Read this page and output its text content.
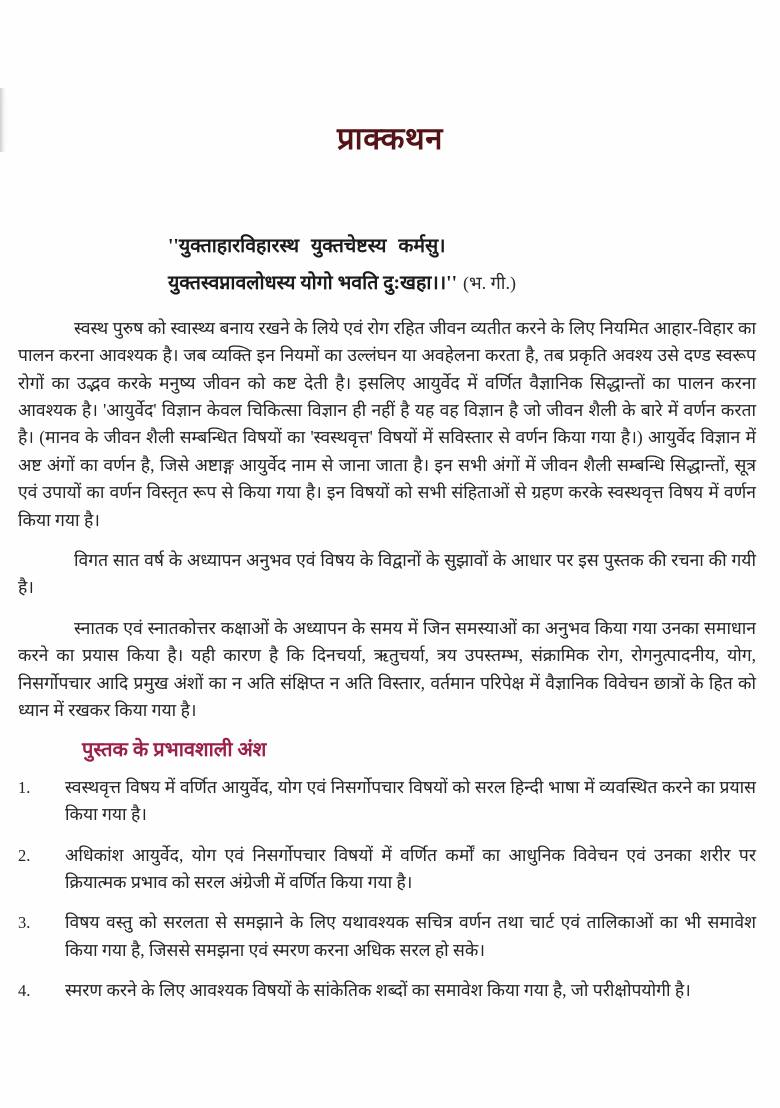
प्राक्कथन
''युक्ताहारविहारस्थ युक्तचेष्टस्य कर्मसु।
युक्तस्वप्नावलोधस्य योगो भवति दु:खहा।।'' (भ. गी.)

स्वस्थ पुरुष को स्वास्थ्य बनाय रखने के लिये एवं रोग रहित जीवन व्यतीत करने के लिए नियमित आहार-विहार का पालन करना आवश्यक है। जब व्यक्ति इन नियमों का उल्लंघन या अवहेलना करता है, तब प्रकृति अवश्य उसे दण्ड स्वरूप रोगों का उद्भव करके मनुष्य जीवन को कष्ट देती है। इसलिए आयुर्वेद में वर्णित वैज्ञानिक सिद्धान्तों का पालन करना आवश्यक है। 'आयुर्वेद' विज्ञान केवल चिकित्सा विज्ञान ही नहीं है यह वह विज्ञान है जो जीवन शैली के बारे में वर्णन करता है। (मानव के जीवन शैली सम्बन्धित विषयों का 'स्वस्थवृत्त' विषयों में सविस्तार से वर्णन किया गया है।) आयुर्वेद विज्ञान में अष्ट अंगों का वर्णन है, जिसे अष्टाङ्ग आयुर्वेद नाम से जाना जाता है। इन सभी अंगों में जीवन शैली सम्बन्धि सिद्धान्तों, सूत्र एवं उपायों का वर्णन विस्तृत रूप से किया गया है। इन विषयों को सभी संहिताओं से ग्रहण करके स्वस्थवृत्त विषय में वर्णन किया गया है।

विगत सात वर्ष के अध्यापन अनुभव एवं विषय के विद्वानों के सुझावों के आधार पर इस पुस्तक की रचना की गयी है।

स्नातक एवं स्नातकोत्तर कक्षाओं के अध्यापन के समय में जिन समस्याओं का अनुभव किया गया उनका समाधान करने का प्रयास किया है। यही कारण है कि दिनचर्या, ऋतुचर्या, त्रय उपस्तम्भ, संक्रामिक रोग, रोगनुत्पादनीय, योग, निसर्गोपचार आदि प्रमुख अंशों का न अति संक्षिप्त न अति विस्तार, वर्तमान परिपेक्ष में वैज्ञानिक विवेचन छात्रों के हित को ध्यान में रखकर किया गया है।

पुस्तक के प्रभावशाली अंश
1.	स्वस्थवृत्त विषय में वर्णित आयुर्वेद, योग एवं निसर्गोपचार विषयों को सरल हिन्दी भाषा में व्यवस्थित करने का प्रयास किया गया है।
2.	अधिकांश आयुर्वेद, योग एवं निसर्गोपचार विषयों में वर्णित कर्मों का आधुनिक विवेचन एवं उनका शरीर पर क्रियात्मक प्रभाव को सरल अंग्रेजी में वर्णित किया गया है।
3.	विषय वस्तु को सरलता से समझाने के लिए यथावश्यक सचित्र वर्णन तथा चार्ट एवं तालिकाओं का भी समावेश किया गया है, जिससे समझना एवं स्मरण करना अधिक सरल हो सके।
4.	स्मरण करने के लिए आवश्यक विषयों के सांकेतिक शब्दों का समावेश किया गया है, जो परीक्षोपयोगी है।
